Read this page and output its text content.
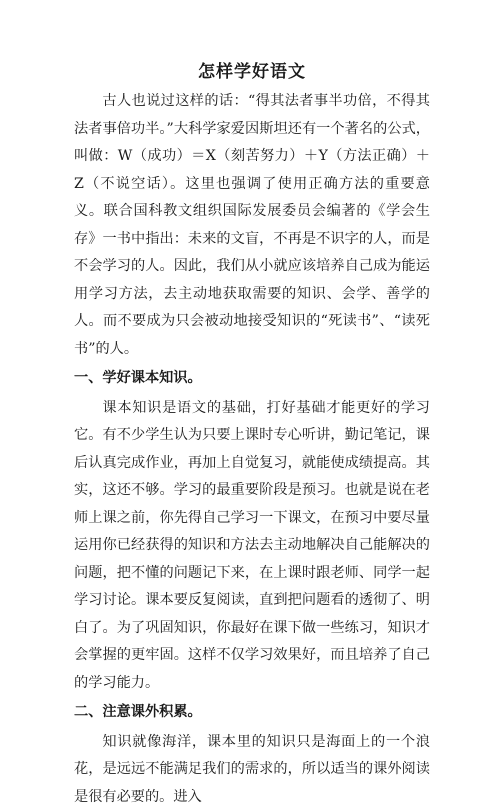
怎样学好语文

古人也说过这样的话：“得其法者事半功倍，不得其法者事倍功半。”大科学家爱因斯坦还有一个著名的公式，叫做：W（成功）＝X（刻苦努力）＋Y（方法正确）＋Z（不说空话）。这里也强调了使用正确方法的重要意义。联合国科教文组织国际发展委员会编著的《学会生存》一书中指出：未来的文盲，不再是不识字的人，而是不会学习的人。因此，我们从小就应该培养自己成为能运用学习方法，去主动地获取需要的知识、会学、善学的人。而不要成为只会被动地接受知识的“死读书”、“读死书”的人。

一、学好课本知识。

课本知识是语文的基础，打好基础才能更好的学习它。有不少学生认为只要上课时专心听讲，勤记笔记，课后认真完成作业，再加上自觉复习，就能使成绩提高。其实，这还不够。学习的最重要阶段是预习。也就是说在老师上课之前，你先得自己学习一下课文，在预习中要尽量运用你已经获得的知识和方法去主动地解决自己能解决的问题，把不懂的问题记下来，在上课时跟老师、同学一起学习讨论。课本要反复阅读，直到把问题看的透彻了、明白了。为了巩固知识，你最好在课下做一些练习，知识才会掌握的更牢固。这样不仅学习效果好，而且培养了自己的学习能力。

二、注意课外积累。

知识就像海洋，课本里的知识只是海面上的一个浪花，是远远不能满足我们的需求的，所以适当的课外阅读是很有必要的。进入
